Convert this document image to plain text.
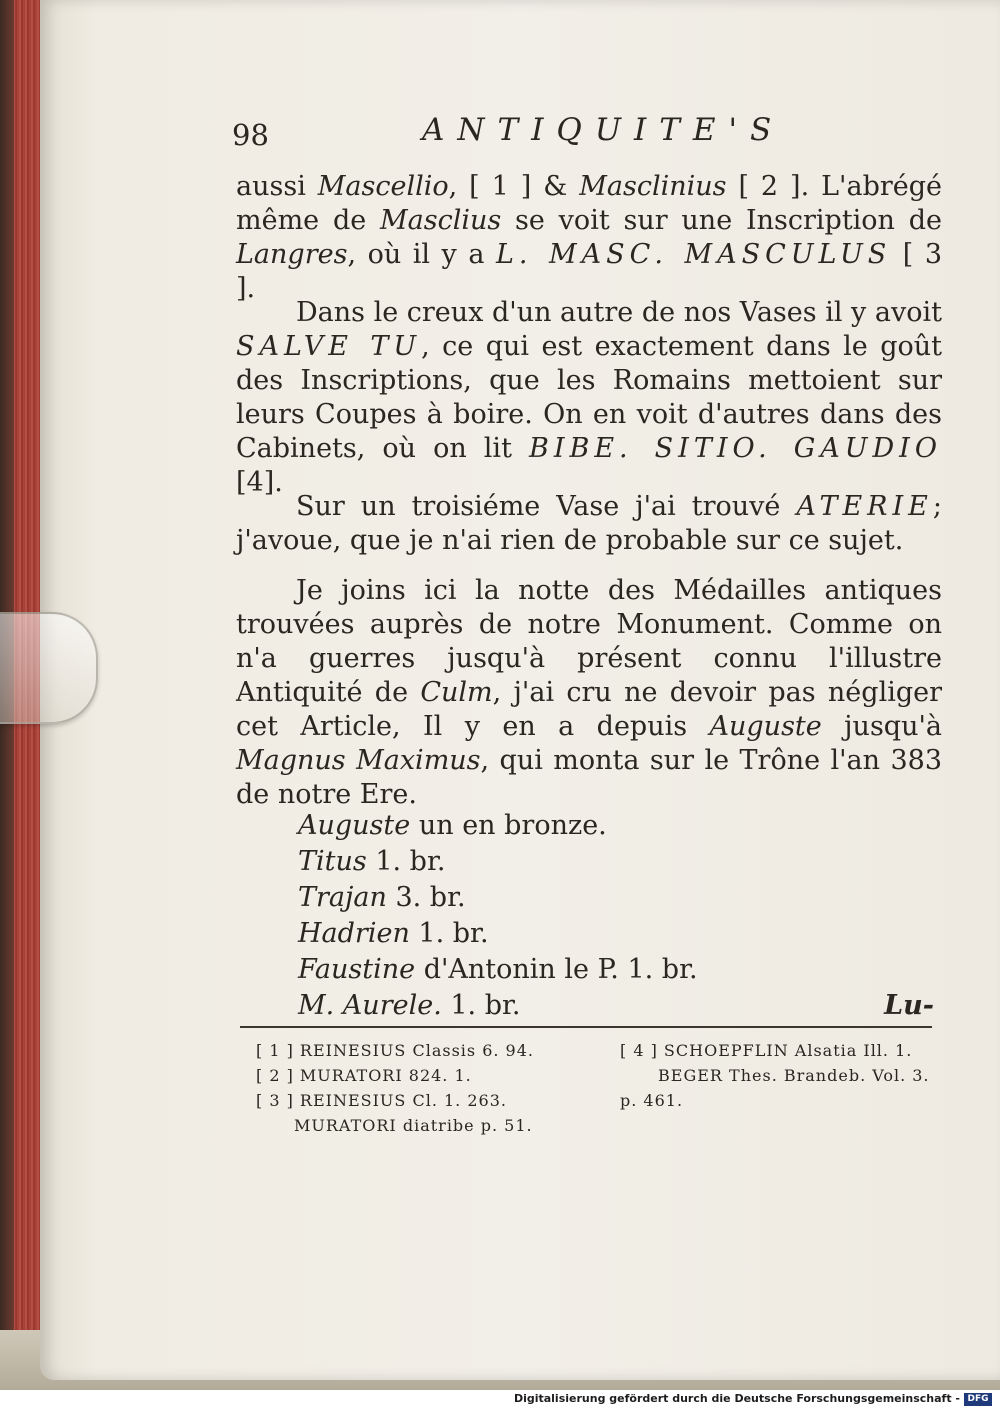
98	ANTIQUITE'S
aussi Mascellio, [ 1 ] & Masclinius [ 2 ]. L'abrégé même de Masclius se voit sur une Inscription de Langres, où il y a L. MASC. MASCULUS [ 3 ].
Dans le creux d'un autre de nos Vases il y avoit SALVE TU, ce qui est exactement dans le goût des Inscriptions, que les Romains mettoient sur leurs Coupes à boire. On en voit d'autres dans des Cabinets, où on lit BIBE. SITIO. GAUDIO [4].
Sur un troisiéme Vase j'ai trouvé ATERIE; j'avoue, que je n'ai rien de probable sur ce sujet.
Je joins ici la notte des Médailles antiques trouvées auprès de notre Monument. Comme on n'a guerres jusqu'à présent connu l'illustre Antiquité de Culm, j'ai cru ne devoir pas négliger cet Article, Il y en a depuis Auguste jusqu'à Magnus Maximus, qui monta sur le Trône l'an 383 de notre Ere.
Auguste un en bronze.
Titus 1. br.
Trajan 3. br.
Hadrien 1. br.
Faustine d'Antonin le P. 1. br.
M. Aurele. 1. br.	Lu-
[ 1 ] REINESIUS Classis 6. 94.
[ 2 ] MURATORI 824. 1.
[ 3 ] REINESIUS Cl. 1. 263.
MURATORI diatribe p. 51.
[ 4 ] SCHOEPFLIN Alsatia Ill. 1.
BEGER Thes. Brandeb. Vol. 3.
p. 461.
Digitalisierung gefördert durch die Deutsche Forschungsgemeinschaft - DFG
